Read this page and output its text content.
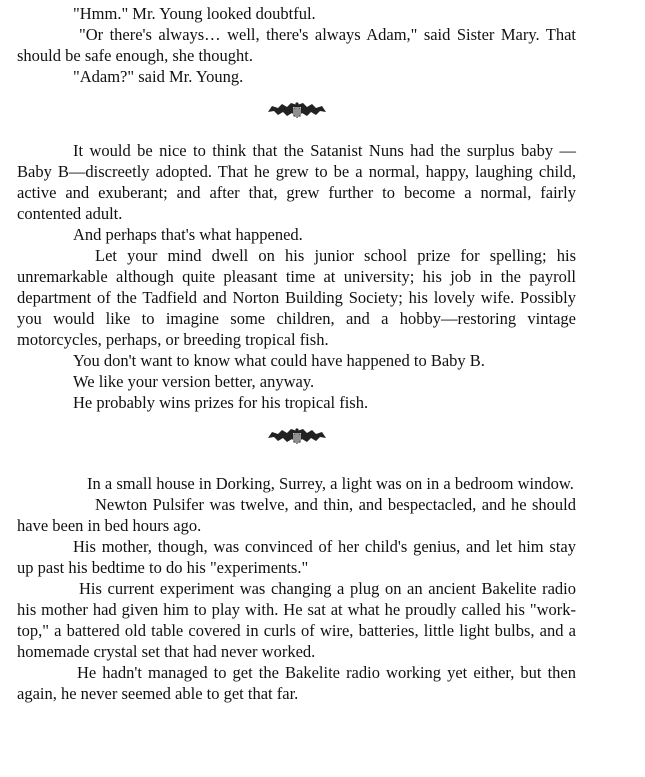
"Hmm." Mr. Young looked doubtful.

"Or there's always… well, there's always Adam," said Sister Mary. That should be safe enough, she thought.

"Adam?" said Mr. Young.

It would be nice to think that the Satanist Nuns had the surplus baby —Baby B—discreetly adopted. That he grew to be a normal, happy, laughing child, active and exuberant; and after that, grew further to become a normal, fairly contented adult.

And perhaps that's what happened.

Let your mind dwell on his junior school prize for spelling; his unremarkable although quite pleasant time at university; his job in the payroll department of the Tadfield and Norton Building Society; his lovely wife. Possibly you would like to imagine some children, and a hobby—restoring vintage motorcycles, perhaps, or breeding tropical fish.

You don't want to know what could have happened to Baby B.

We like your version better, anyway.

He probably wins prizes for his tropical fish.

In a small house in Dorking, Surrey, a light was on in a bedroom window.

Newton Pulsifer was twelve, and thin, and bespectacled, and he should have been in bed hours ago.

His mother, though, was convinced of her child's genius, and let him stay up past his bedtime to do his "experiments."

His current experiment was changing a plug on an ancient Bakelite radio his mother had given him to play with. He sat at what he proudly called his "work-top," a battered old table covered in curls of wire, batteries, little light bulbs, and a homemade crystal set that had never worked.

He hadn't managed to get the Bakelite radio working yet either, but then again, he never seemed able to get that far.
